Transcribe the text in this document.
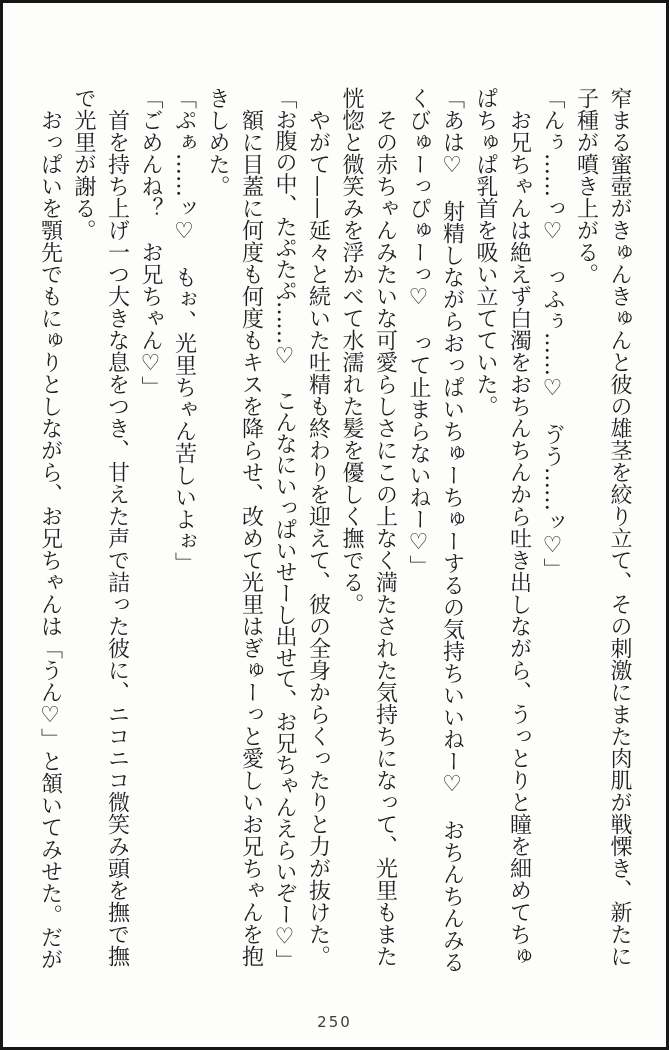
窄まる蜜壺がきゅんきゅんと彼の雄茎を絞り立て、その刺激にまた肉肌が戦慄き、新たに
子種が噴き上がる。
「んぅ……っ♡　っふぅ……♡　ゔう……ッ♡」
　お兄ちゃんは絶えず白濁をおちんちんから吐き出しながら、うっとりと瞳を細めてちゅ
ぱちゅぱ乳首を吸い立てていた。
「あは♡　射精しながらおっぱいちゅーちゅーするの気持ちいいねー♡　おちんちんみる
くびゅーっぴゅーっ♡　って止まらないねー♡」
　その赤ちゃんみたいな可愛らしさにこの上なく満たされた気持ちになって、光里もまた
恍惚と微笑みを浮かべて水濡れた髪を優しく撫でる。
　やがて——延々と続いた吐精も終わりを迎えて、彼の全身からくったりと力が抜けた。
「お腹の中、たぷたぷ……♡　こんなにいっぱいせーし出せて、お兄ちゃんえらいぞー♡」
　額に目蓋に何度も何度もキスを降らせ、改めて光里はぎゅーっと愛しいお兄ちゃんを抱
きしめた。
「ぷぁ……ッ♡　もぉ、光里ちゃん苦しいよぉ」
「ごめんね？　お兄ちゃん♡」
　首を持ち上げ一つ大きな息をつき、甘えた声で詰った彼に、ニコニコ微笑み頭を撫で撫
で光里が謝る。
　おっぱいを顎先でもにゅりとしながら、お兄ちゃんは「うん♡」と頷いてみせた。だが
250
